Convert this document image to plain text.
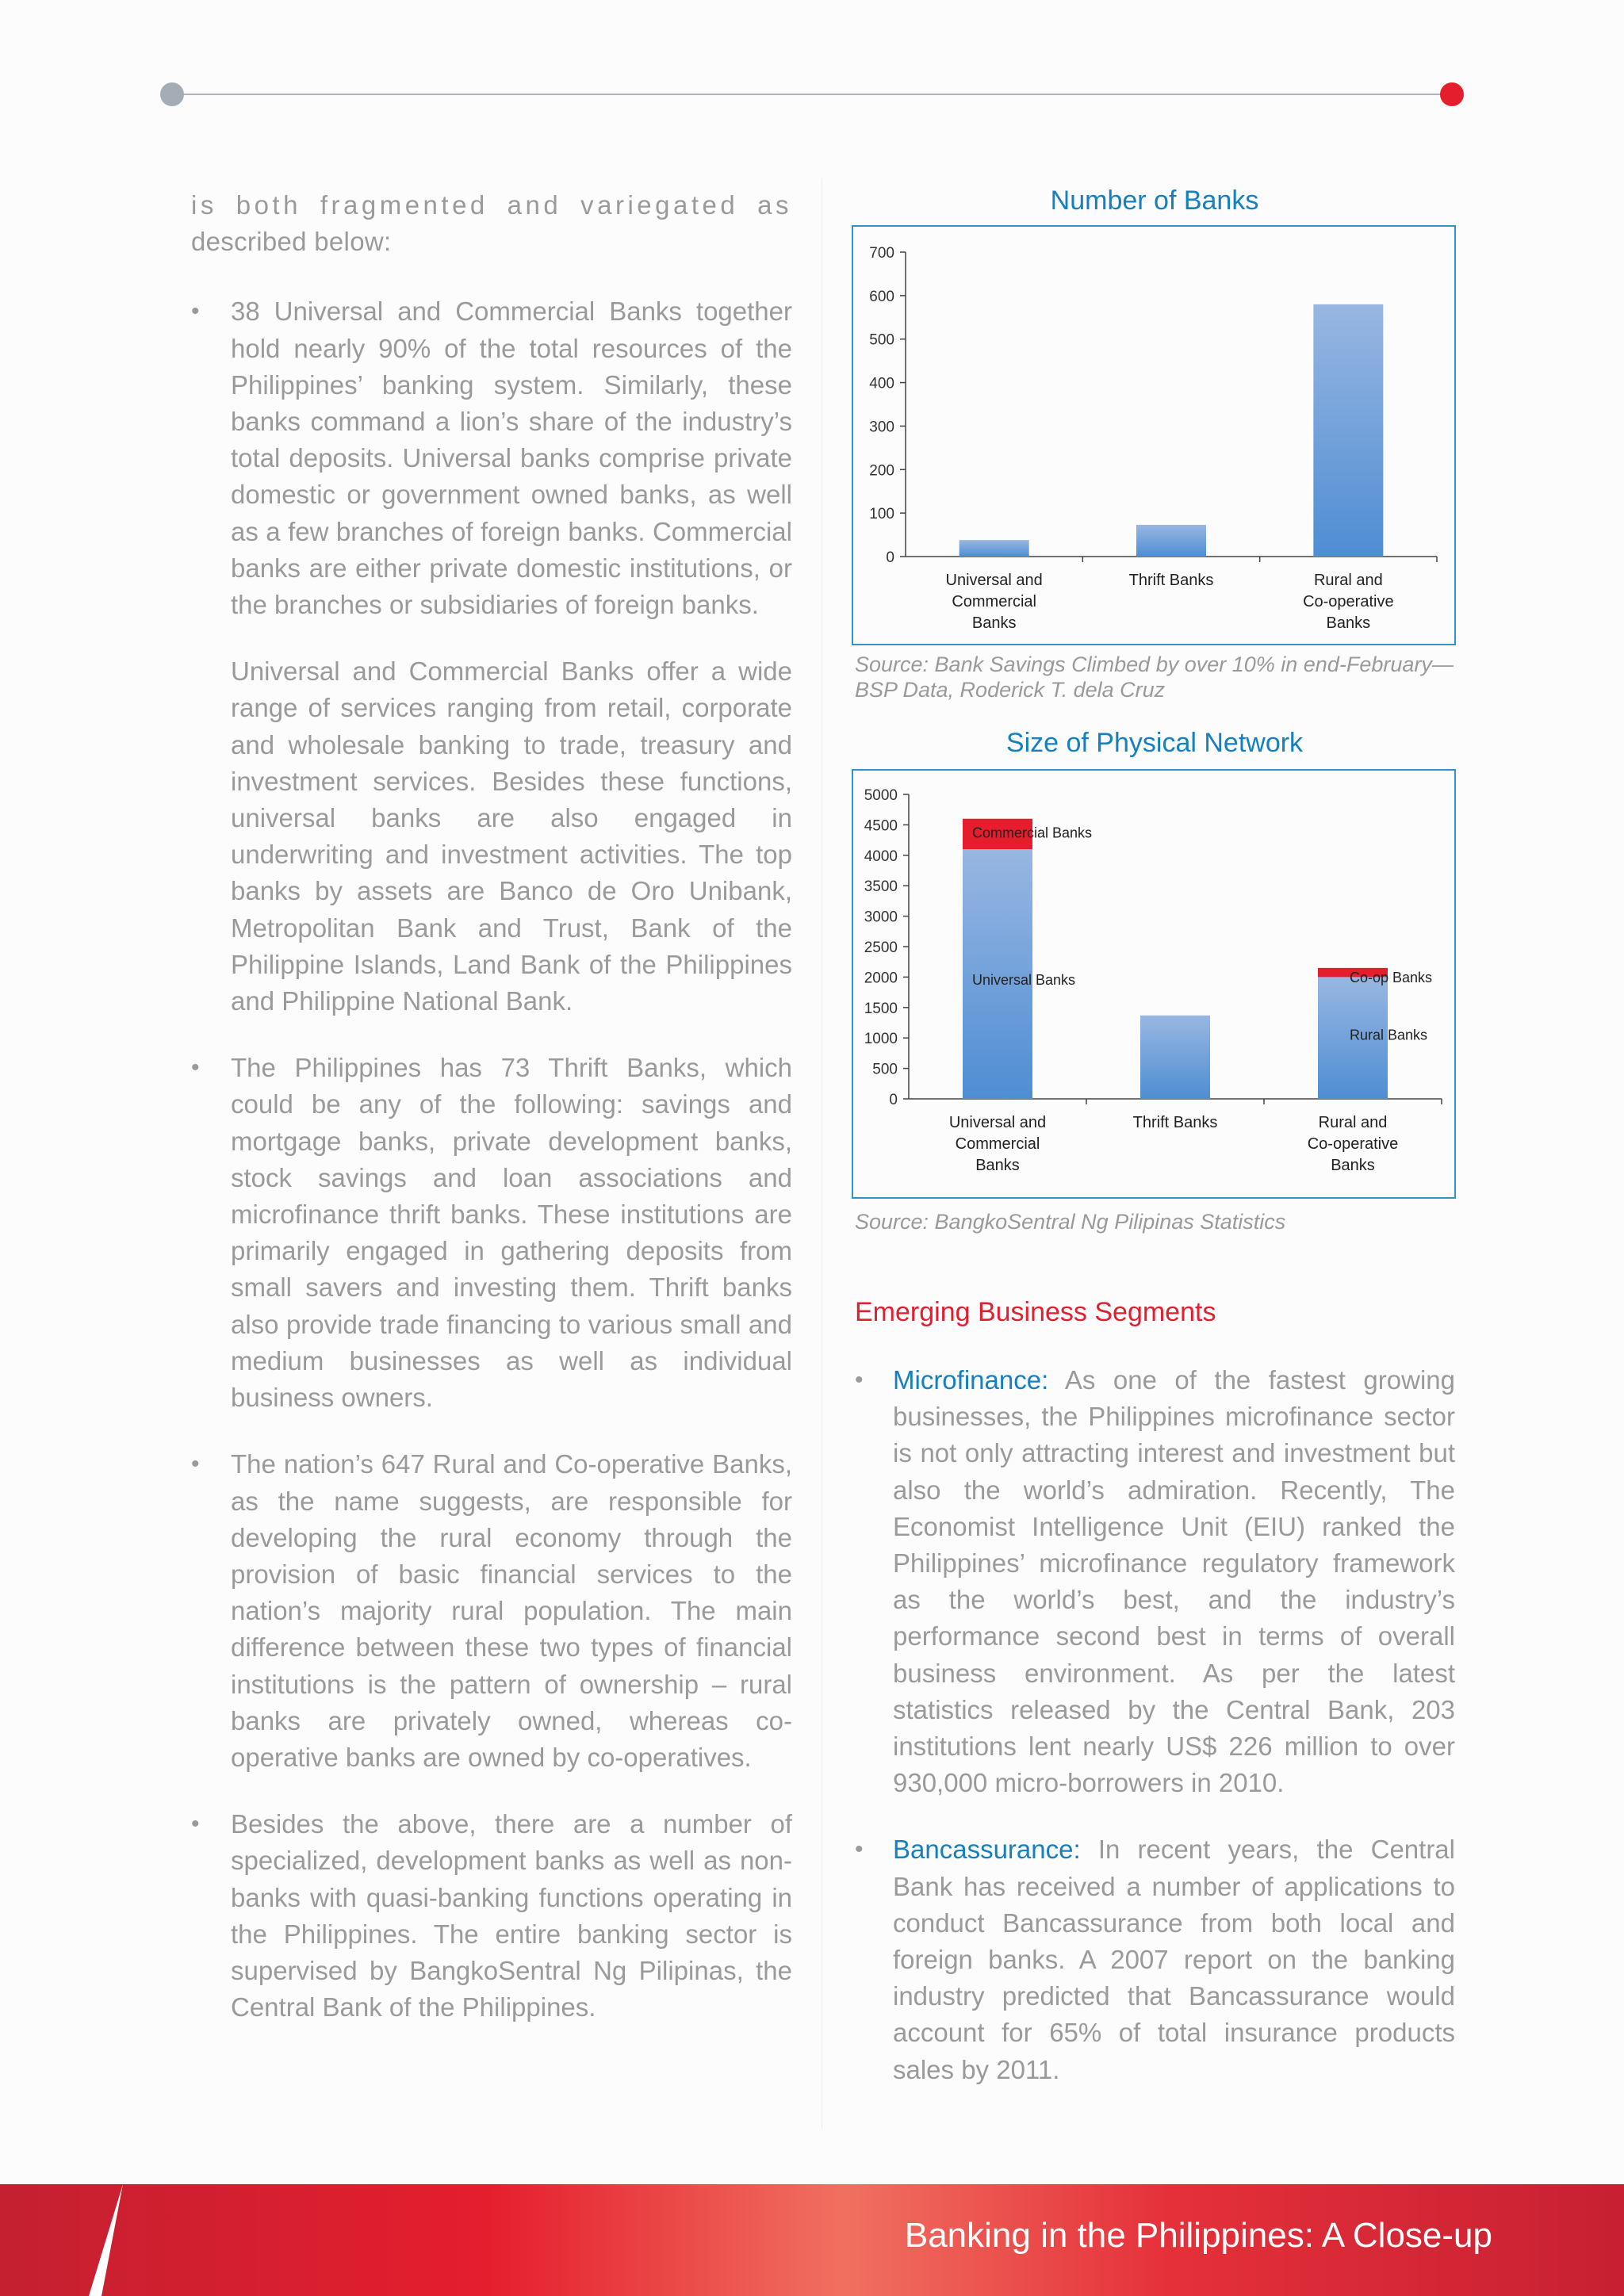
is both fragmented and variegated as described below:

• 38 Universal and Commercial Banks together hold nearly 90% of the total resources of the Philippines’ banking system. Similarly, these banks command a lion’s share of the industry’s total deposits. Universal banks comprise private domestic or government owned banks, as well as a few branches of foreign banks. Commercial banks are either private domestic institutions, or the branches or subsidiaries of foreign banks.

Universal and Commercial Banks offer a wide range of services ranging from retail, corporate and wholesale banking to trade, treasury and investment services. Besides these functions, universal banks are also engaged in underwriting and investment activities. The top banks by assets are Banco de Oro Unibank, Metropolitan Bank and Trust, Bank of the Philippine Islands, Land Bank of the Philippines and Philippine National Bank.

• The Philippines has 73 Thrift Banks, which could be any of the following: savings and mortgage banks, private development banks, stock savings and loan associations and microfinance thrift banks. These institutions are primarily engaged in gathering deposits from small savers and investing them. Thrift banks also provide trade financing to various small and medium businesses as well as individual business owners.

• The nation’s 647 Rural and Co-operative Banks, as the name suggests, are responsible for developing the rural economy through the provision of basic financial services to the nation’s majority rural population. The main difference between these two types of financial institutions is the pattern of ownership – rural banks are privately owned, whereas co-operative banks are owned by co-operatives.

• Besides the above, there are a number of specialized, development banks as well as non-banks with quasi-banking functions operating in the Philippines. The entire banking sector is supervised by BangkoSentral Ng Pilipinas, the Central Bank of the Philippines.

Number of Banks
0
100
200
300
400
500
600
700
Universal and
Commercial
Banks
Thrift Banks	Rural and
Co-operative
Banks
Source: Bank Savings Climbed by over 10% in end-February—BSP Data, Roderick T. dela Cruz
Size of Physical Network
0
500
1000
1500
2000
2500
3000
3500
4000
4500
5000
Universal and
Commercial
Banks
Thrift Banks	Rural and
Co-operative
Banks
Commercial Banks
Universal Banks	Co-op Banks
Rural Banks
Source: BangkoSentral Ng Pilipinas Statistics
Emerging Business Segments
• Microfinance: As one of the fastest growing businesses, the Philippines microfinance sector is not only attracting interest and investment but also the world’s admiration. Recently, The Economist Intelligence Unit (EIU) ranked the Philippines’ microfinance regulatory framework as the world’s best, and the industry’s performance second best in terms of overall business environment. As per the latest statistics released by the Central Bank, 203 institutions lent nearly US$ 226 million to over 930,000 micro-borrowers in 2010.

• Bancassurance: In recent years, the Central Bank has received a number of applications to conduct Bancassurance from both local and foreign banks. A 2007 report on the banking industry predicted that Bancassurance would account for 65% of total insurance products sales by 2011.

Banking in the Philippines: A Close-up
